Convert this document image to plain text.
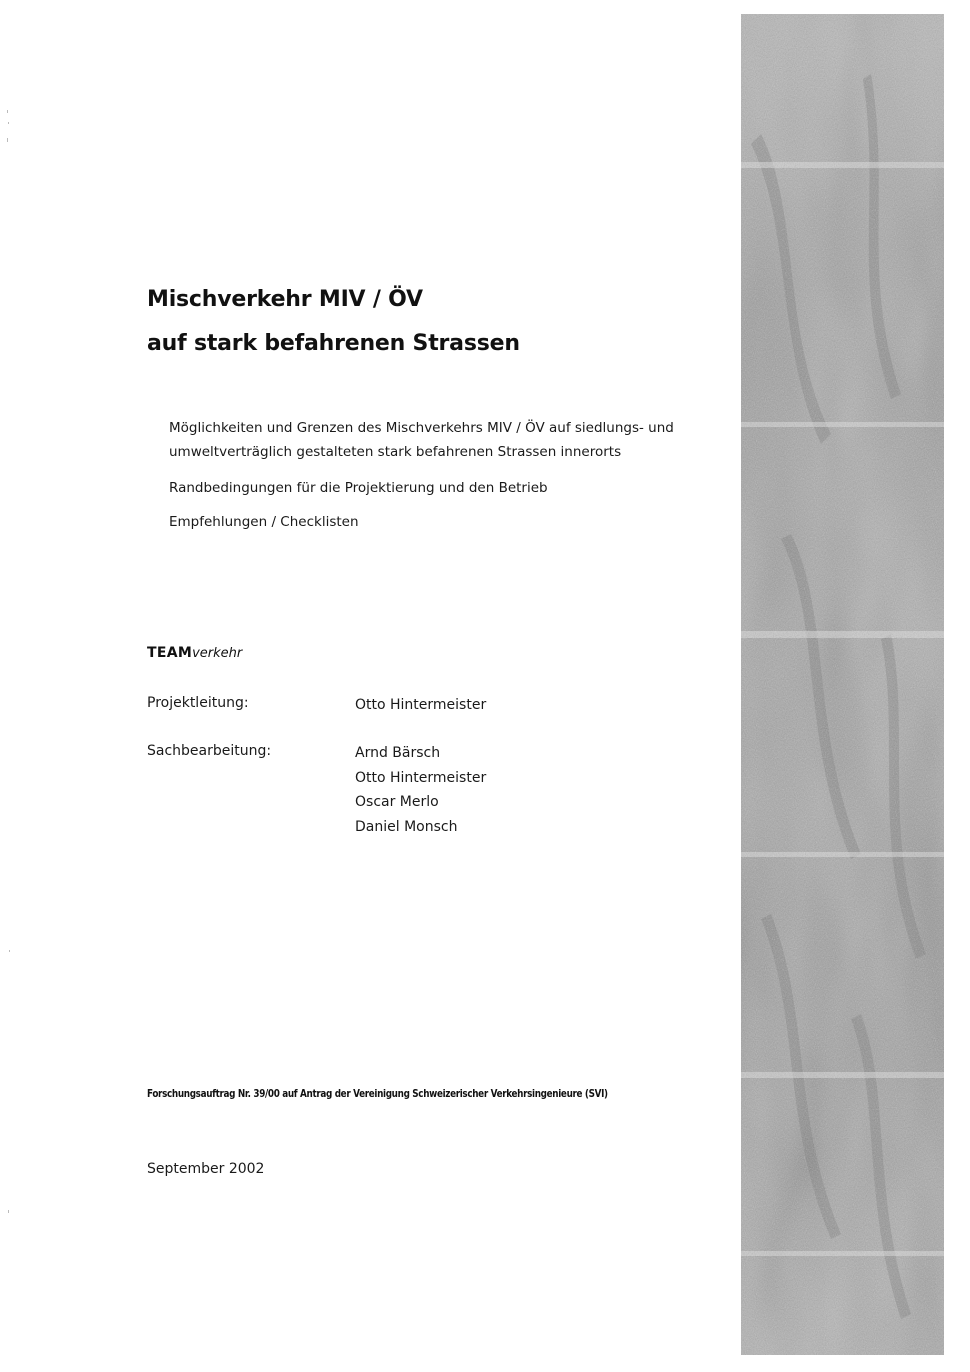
Mischverkehr MIV / ÖV
auf stark befahrenen Strassen
Möglichkeiten und Grenzen des Mischverkehrs MIV / ÖV auf siedlungs- und
umweltverträglich gestalteten stark befahrenen Strassen innerorts
Randbedingungen für die Projektierung und den Betrieb
Empfehlungen / Checklisten
TEAMverkehr
Projektleitung:	Otto Hintermeister
Sachbearbeitung:	Arnd Bärsch
Otto Hintermeister
Oscar Merlo
Daniel Monsch
Forschungsauftrag Nr. 39/00 auf Antrag der Vereinigung Schweizerischer Verkehrsingenieure (SVI)
September 2002
